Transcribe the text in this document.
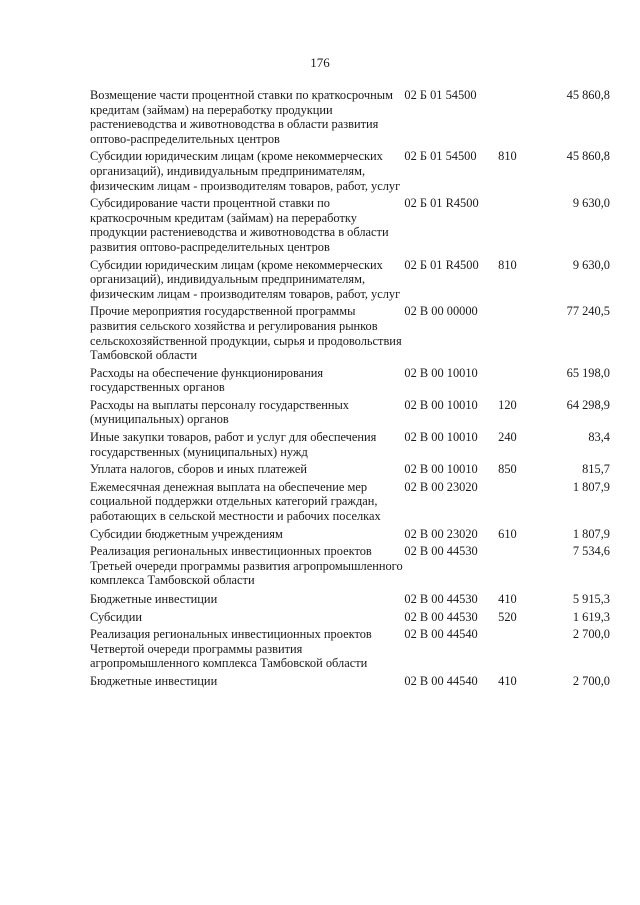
176
Возмещение части процентной ставки по краткосрочным кредитам (займам) на переработку продукции растениеводства и животноводства в области развития оптово-распределительных центров	02 Б 01 54500		45 860,8
Субсидии юридическим лицам (кроме некоммерческих организаций), индивидуальным предпринимателям, физическим лицам - производителям товаров, работ, услуг	02 Б 01 54500	810	45 860,8
Субсидирование части процентной ставки по краткосрочным кредитам (займам) на переработку продукции растениеводства и животноводства в области развития оптово-распределительных центров	02 Б 01 R4500		9 630,0
Субсидии юридическим лицам (кроме некоммерческих организаций), индивидуальным предпринимателям, физическим лицам - производителям товаров, работ, услуг	02 Б 01 R4500	810	9 630,0
Прочие мероприятия государственной программы развития сельского хозяйства и регулирования рынков сельскохозяйственной продукции, сырья и продовольствия Тамбовской области	02 В 00 00000		77 240,5
Расходы на обеспечение функционирования государственных органов	02 В 00 10010		65 198,0
Расходы на выплаты персоналу государственных (муниципальных) органов	02 В 00 10010	120	64 298,9
Иные закупки товаров, работ и услуг для обеспечения государственных (муниципальных) нужд	02 В 00 10010	240	83,4
Уплата налогов, сборов и иных платежей	02 В 00 10010	850	815,7
Ежемесячная денежная выплата на обеспечение мер социальной поддержки отдельных категорий граждан, работающих в сельской местности и рабочих поселках	02 В 00 23020		1 807,9
Субсидии бюджетным учреждениям	02 В 00 23020	610	1 807,9
Реализация региональных инвестиционных проектов Третьей очереди программы развития агропромышленного комплекса Тамбовской области	02 В 00 44530		7 534,6
Бюджетные инвестиции	02 В 00 44530	410	5 915,3
Субсидии	02 В 00 44530	520	1 619,3
Реализация региональных инвестиционных проектов Четвертой очереди программы развития агропромышленного комплекса Тамбовской области	02 В 00 44540		2 700,0
Бюджетные инвестиции	02 В 00 44540	410	2 700,0
